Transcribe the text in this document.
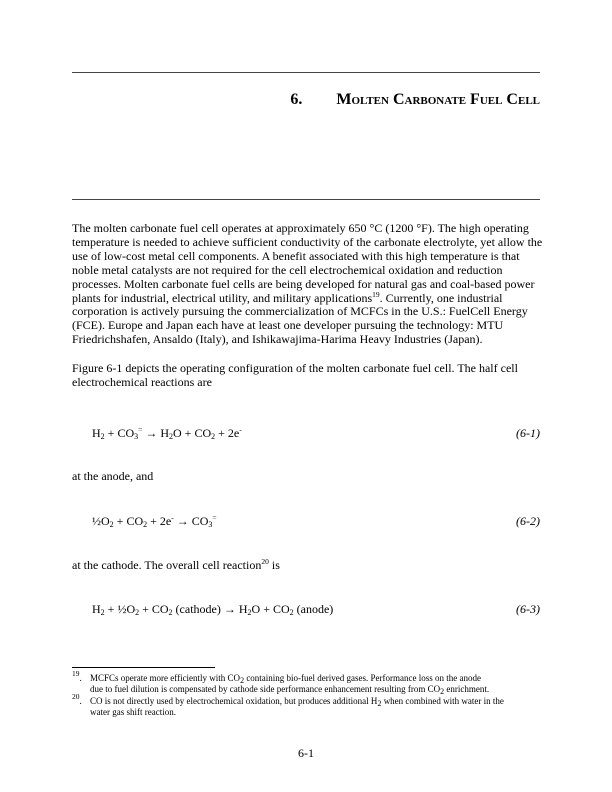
6. Molten Carbonate Fuel Cell
The molten carbonate fuel cell operates at approximately 650 °C (1200 °F). The high operating
temperature is needed to achieve sufficient conductivity of the carbonate electrolyte, yet allow the
use of low-cost metal cell components. A benefit associated with this high temperature is that
noble metal catalysts are not required for the cell electrochemical oxidation and reduction
processes. Molten carbonate fuel cells are being developed for natural gas and coal-based power
plants for industrial, electrical utility, and military applications$^{19}$. Currently, one industrial
corporation is actively pursuing the commercialization of MCFCs in the U.S.: FuelCell Energy
(FCE). Europe and Japan each have at least one developer pursuing the technology: MTU
Friedrichshafen, Ansaldo (Italy), and Ishikawajima-Harima Heavy Industries (Japan).
Figure 6-1 depicts the operating configuration of the molten carbonate fuel cell. The half cell
electrochemical reactions are
$H_2 + CO_3^= \to H_2O + CO_2 + 2e^-$	(6-1)
at the anode, and
$\frac{1}{2}O_2 + CO_2 + 2e^- \to CO_3^=$	(6-2)
at the cathode. The overall cell reaction$^{20}$ is
$H_2$ + $\frac{1}{2}O_2 + CO_2$ (cathode) → $H_2O + CO_2$ (anode)	(6-3)
$^{19}$. MCFCs operate more efficiently with $CO_2$ containing bio-fuel derived gases. Performance loss on the anode
due to fuel dilution is compensated by cathode side performance enhancement resulting from $CO_2$ enrichment.
$^{20}$. CO is not directly used by electrochemical oxidation, but produces additional $H_2$ when combined with water in the
water gas shift reaction.
6-1
